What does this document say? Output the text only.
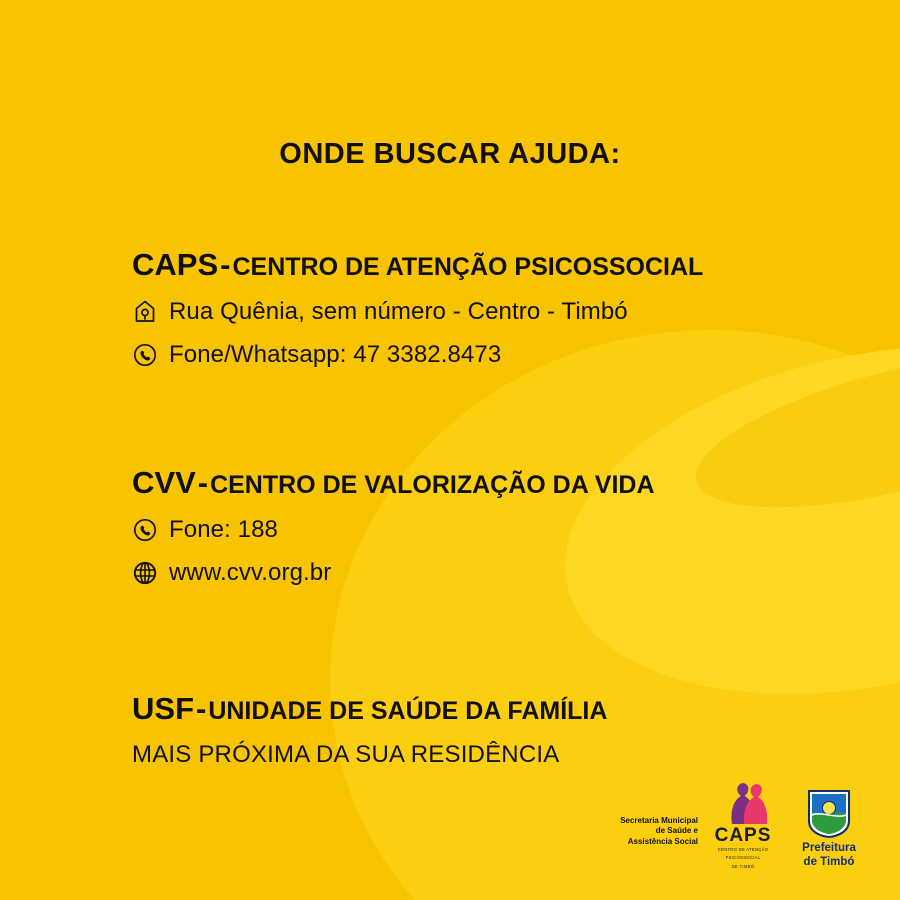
ONDE BUSCAR AJUDA:
CAPS-CENTRO DE ATENÇÃO PSICOSSOCIAL
Rua Quênia, sem número - Centro - Timbó
Fone/Whatsapp: 47 3382.8473
CVV-CENTRO DE VALORIZAÇÃO DA VIDA
Fone: 188
www.cvv.org.br
USF-UNIDADE DE SAÚDE DA FAMÍLIA
MAIS PRÓXIMA DA SUA RESIDÊNCIA
Secretaria Municipal
de Saúde e
Assistência Social CAPS
CENTRO DE ATENÇÃO
PSICOSSOCIAL
DE TIMBÓ
Prefeitura
de Timbó
